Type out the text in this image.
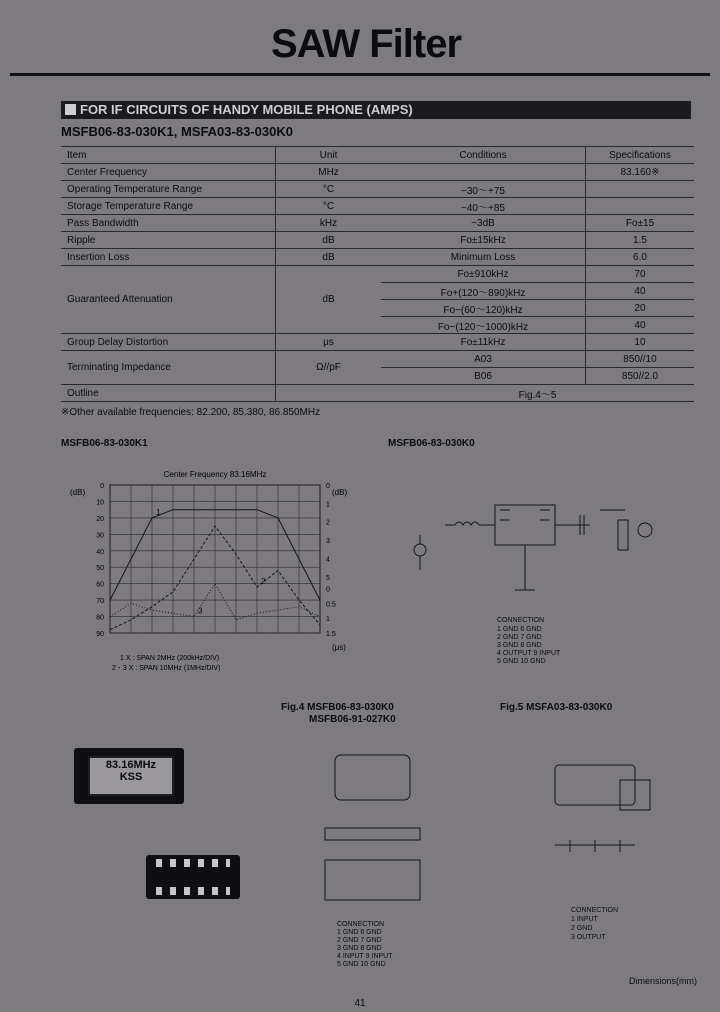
SAW Filter
FOR IF CIRCUITS OF HANDY MOBILE PHONE (AMPS)
MSFB06-83-030K1, MSFA03-83-030K0
Item	Unit	Conditions	Specifications
Center Frequency	MHz		83.160※
Operating Temperature Range	°C	−30〜+75	
Storage Temperature Range	°C	−40〜+85	
Pass Bandwidth	kHz	−3dB	Fo±15
Ripple	dB	Fo±15kHz	1.5
Insertion Loss	dB	Minimum Loss	6.0
Guaranteed Attenuation	dB	Fo±910kHz	70
		Fo+(120〜890)kHz	40
		Fo−(60〜120)kHz	20
		Fo−(120〜1000)kHz	40
Group Delay Distortion	μs	Fo±11kHz	10
Terminating Impedance	Ω//pF	A03	850//10
		B06	850//2.0
Outline		Fig.4〜5	
※Other available frequencies: 82.200, 85.380, 86.850MHz
MSFB06-83-030K1
Center Frequency 83.16MHz
(dB)	(dB)
(μs)
0
10
20
30
40
50
60
70
80
90
0
1
2
3
4
5
0
0.5
1
1.5
1
2
3
1 X : SPAN 2MHz (200kHz/DIV)
2・3 X : SPAN 10MHz (1MHz/DIV)
MSFB06-83-030K0
CONNECTION
1 GND 6 GND
2 GND 7 GND
3 GND 8 GND
4 OUTPUT 9 INPUT
5 GND 10 GND
Fig.4 MSFB06-83-030K0
MSFB06-91-027K0
CONNECTION
1 GND 6 GND
2 GND 7 GND
3 GND 8 GND
4 INPUT 9 INPUT
5 GND 10 GND
Fig.5 MSFA03-83-030K0
CONNECTION
1 INPUT
2 GND
3 OUTPUT
83.16MHz
KSS
Dimensions(mm)
41
